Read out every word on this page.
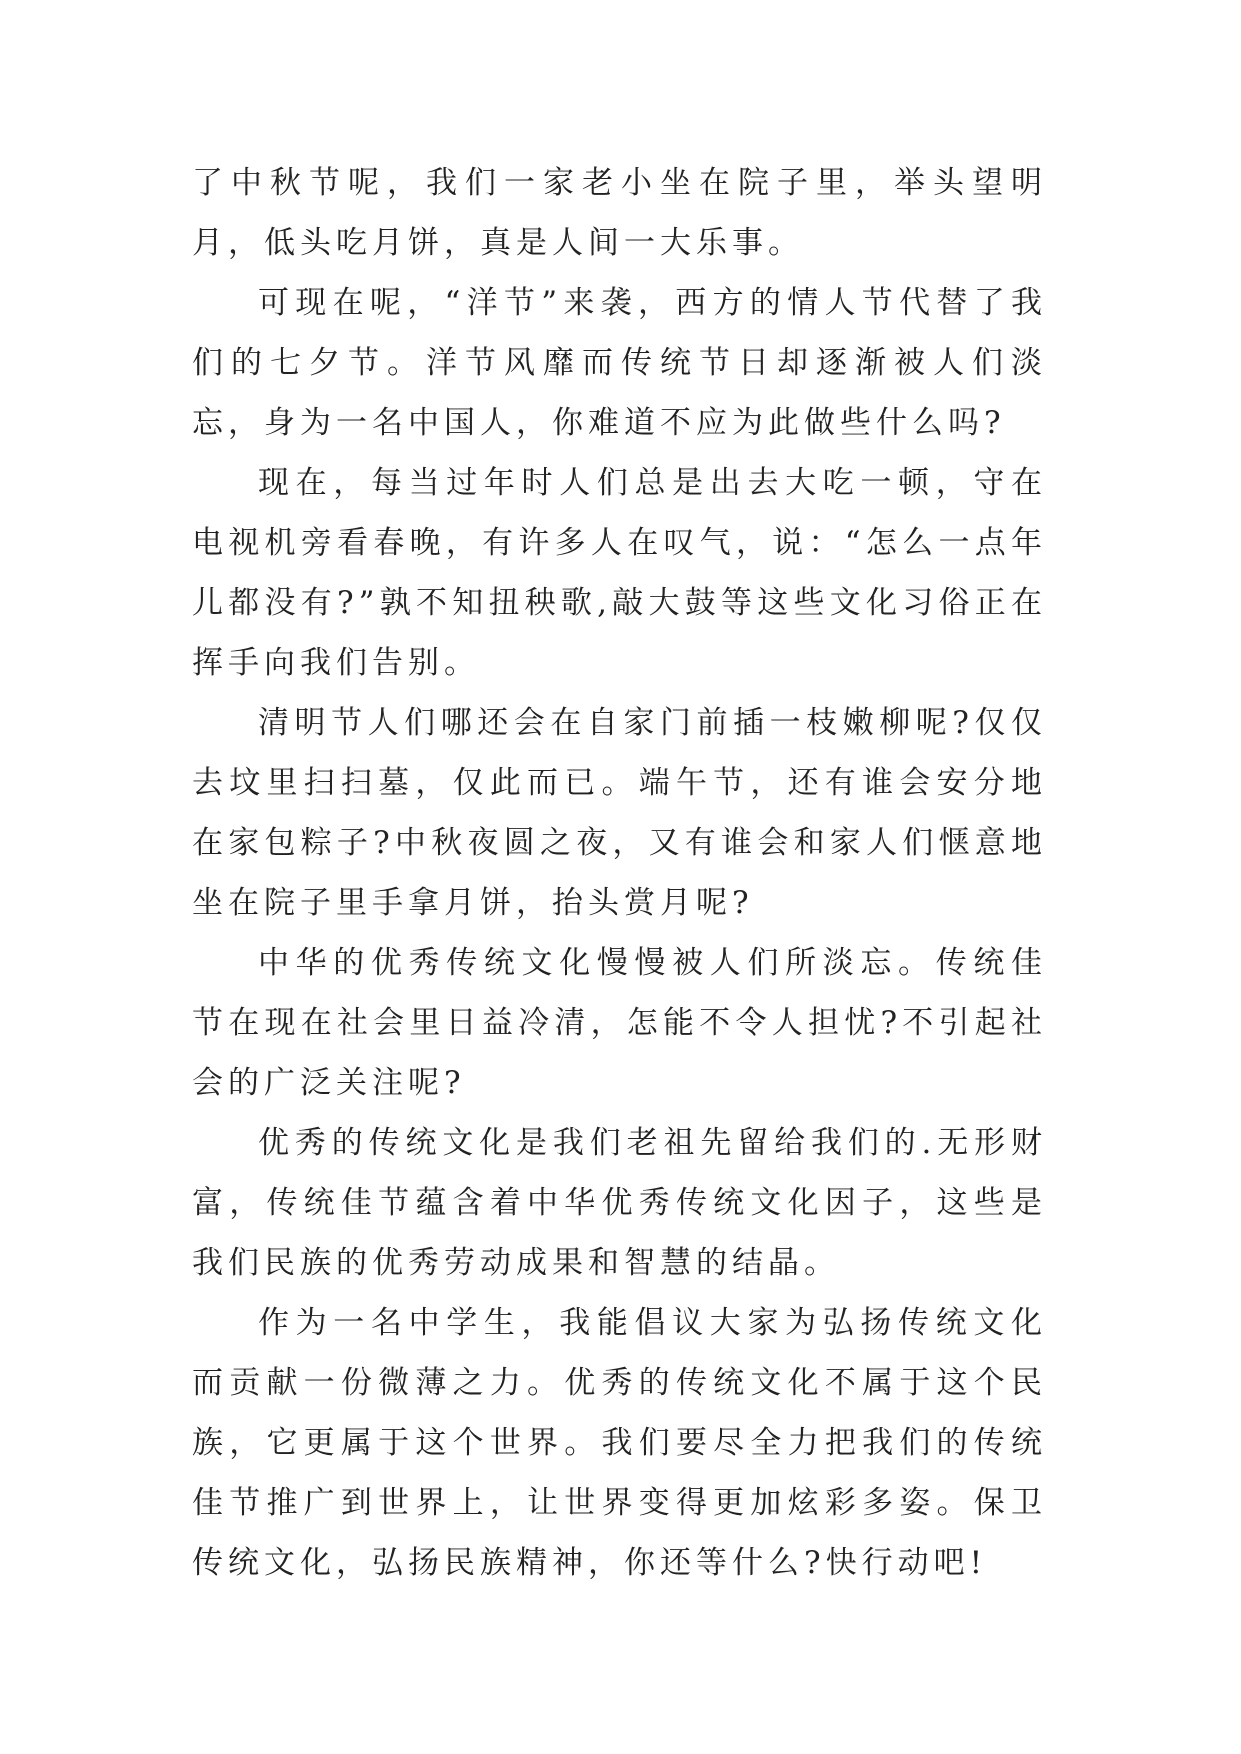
了中秋节呢，我们一家老小坐在院子里，举头望明月，低头吃月饼，真是人间一大乐事。

可现在呢，“洋节”来袭，西方的情人节代替了我们的七夕节。洋节风靡而传统节日却逐渐被人们淡忘，身为一名中国人，你难道不应为此做些什么吗?

现在，每当过年时人们总是出去大吃一顿，守在电视机旁看春晚，有许多人在叹气，说：“怎么一点年儿都没有?”孰不知扭秧歌,敲大鼓等这些文化习俗正在挥手向我们告别。

清明节人们哪还会在自家门前插一枝嫩柳呢?仅仅去坟里扫扫墓，仅此而已。端午节，还有谁会安分地在家包粽子?中秋夜圆之夜，又有谁会和家人们惬意地坐在院子里手拿月饼，抬头赏月呢?

中华的优秀传统文化慢慢被人们所淡忘。传统佳节在现在社会里日益冷清，怎能不令人担忧?不引起社会的广泛关注呢?

优秀的传统文化是我们老祖先留给我们的.无形财富，传统佳节蕴含着中华优秀传统文化因子，这些是我们民族的优秀劳动成果和智慧的结晶。

作为一名中学生，我能倡议大家为弘扬传统文化而贡献一份微薄之力。优秀的传统文化不属于这个民族，它更属于这个世界。我们要尽全力把我们的传统佳节推广到世界上，让世界变得更加炫彩多姿。保卫传统文化，弘扬民族精神，你还等什么?快行动吧!
